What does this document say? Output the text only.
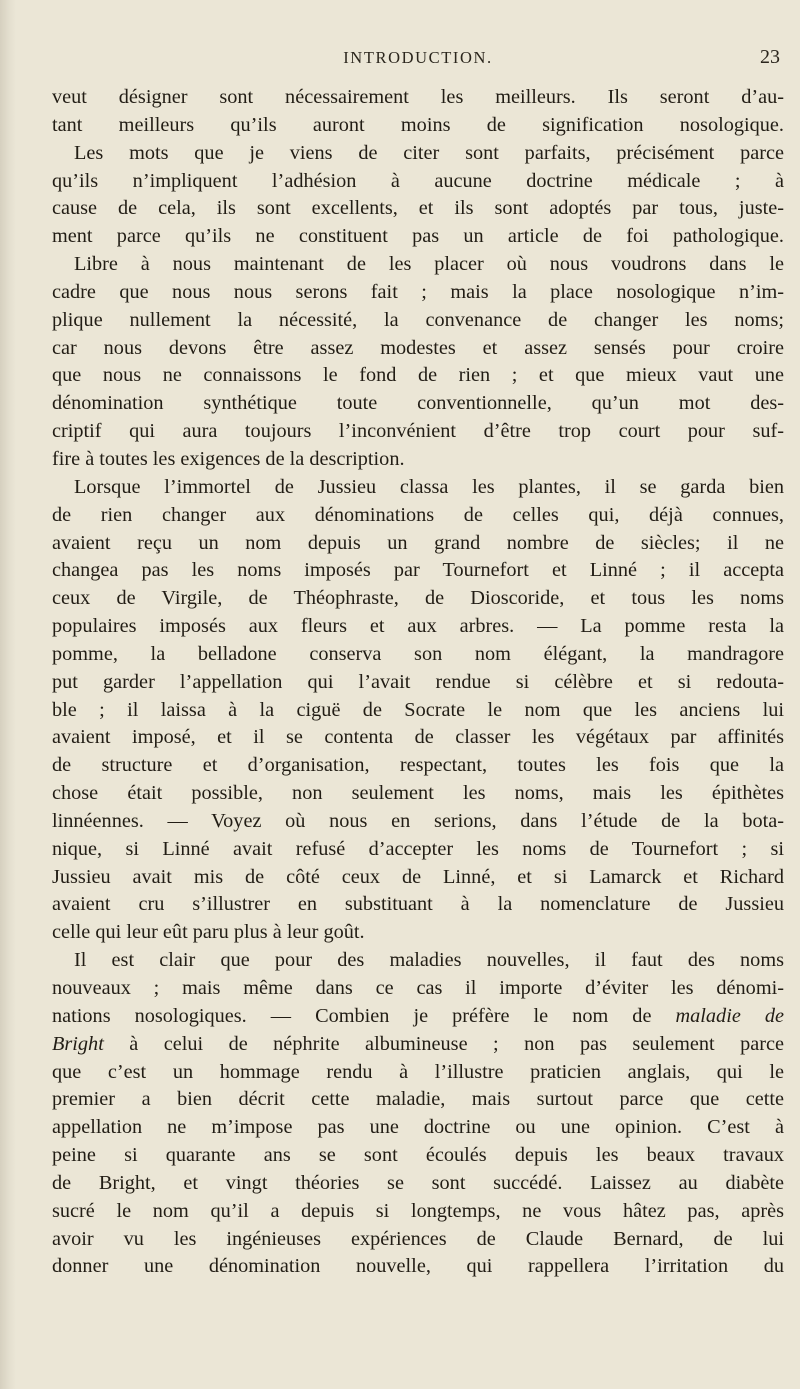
INTRODUCTION.	23
veut désigner sont nécessairement les meilleurs. Ils seront d’au-
tant meilleurs qu’ils auront moins de signification nosologique.
Les mots que je viens de citer sont parfaits, précisément parce
qu’ils n’impliquent l’adhésion à aucune doctrine médicale ; à
cause de cela, ils sont excellents, et ils sont adoptés par tous, juste-
ment parce qu’ils ne constituent pas un article de foi pathologique.
Libre à nous maintenant de les placer où nous voudrons dans le
cadre que nous nous serons fait ; mais la place nosologique n’im-
plique nullement la nécessité, la convenance de changer les noms;
car nous devons être assez modestes et assez sensés pour croire
que nous ne connaissons le fond de rien ; et que mieux vaut une
dénomination synthétique toute conventionnelle, qu’un mot des-
criptif qui aura toujours l’inconvénient d’être trop court pour suf-
fire à toutes les exigences de la description.
Lorsque l’immortel de Jussieu classa les plantes, il se garda bien
de rien changer aux dénominations de celles qui, déjà connues,
avaient reçu un nom depuis un grand nombre de siècles; il ne
changea pas les noms imposés par Tournefort et Linné ; il accepta
ceux de Virgile, de Théophraste, de Dioscoride, et tous les noms
populaires imposés aux fleurs et aux arbres. — La pomme resta la
pomme, la belladone conserva son nom élégant, la mandragore
put garder l’appellation qui l’avait rendue si célèbre et si redouta-
ble ; il laissa à la ciguë de Socrate le nom que les anciens lui
avaient imposé, et il se contenta de classer les végétaux par affinités
de structure et d’organisation, respectant, toutes les fois que la
chose était possible, non seulement les noms, mais les épithètes
linnéennes. — Voyez où nous en serions, dans l’étude de la bota-
nique, si Linné avait refusé d’accepter les noms de Tournefort ; si
Jussieu avait mis de côté ceux de Linné, et si Lamarck et Richard
avaient cru s’illustrer en substituant à la nomenclature de Jussieu
celle qui leur eût paru plus à leur goût.
Il est clair que pour des maladies nouvelles, il faut des noms
nouveaux ; mais même dans ce cas il importe d’éviter les dénomi-
nations nosologiques. — Combien je préfère le nom de maladie de
Bright à celui de néphrite albumineuse ; non pas seulement parce
que c’est un hommage rendu à l’illustre praticien anglais, qui le
premier a bien décrit cette maladie, mais surtout parce que cette
appellation ne m’impose pas une doctrine ou une opinion. C’est à
peine si quarante ans se sont écoulés depuis les beaux travaux
de Bright, et vingt théories se sont succédé. Laissez au diabète
sucré le nom qu’il a depuis si longtemps, ne vous hâtez pas, après
avoir vu les ingénieuses expériences de Claude Bernard, de lui
donner une dénomination nouvelle, qui rappellera l’irritation du
